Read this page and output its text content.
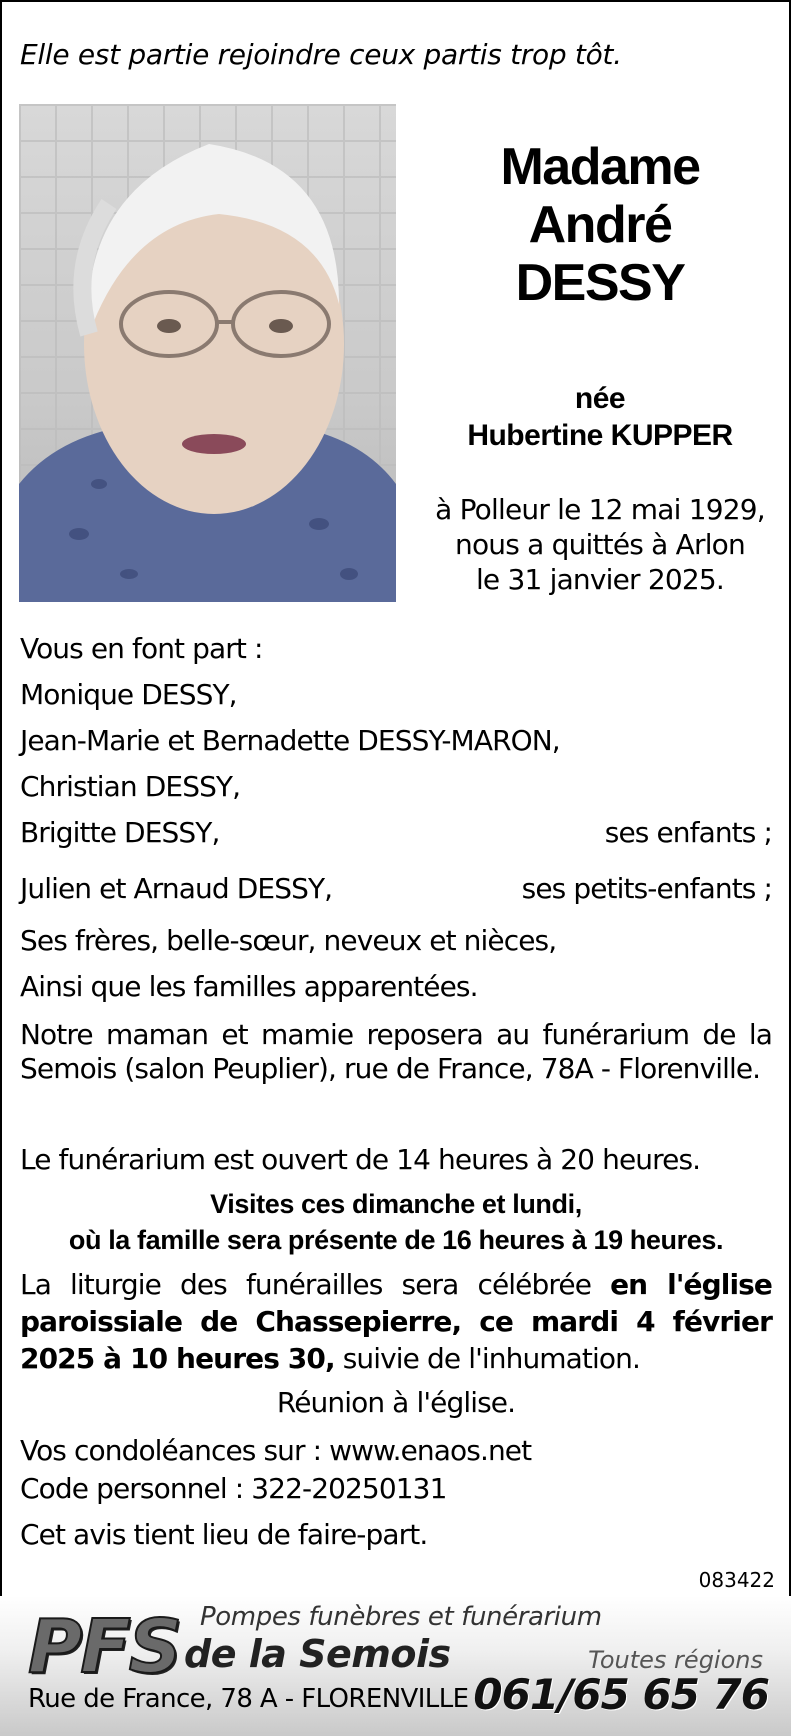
Elle est partie rejoindre ceux partis trop tôt.
Madame
André
DESSY
née
Hubertine KUPPER
à Polleur le 12 mai 1929,
nous a quittés à Arlon
le 31 janvier 2025.
Vous en font part :
Monique DESSY,
Jean-Marie et Bernadette DESSY-MARON,
Christian DESSY,
Brigitte DESSY,	ses enfants ;
Julien et Arnaud DESSY,	ses petits-enfants ;
Ses frères, belle-sœur, neveux et nièces,
Ainsi que les familles apparentées.
Notre maman et mamie reposera au funérarium de la Semois (salon Peuplier), rue de France, 78A - Florenville.
Le funérarium est ouvert de 14 heures à 20 heures.
Visites ces dimanche et lundi,
où la famille sera présente de 16 heures à 19 heures.
La liturgie des funérailles sera célébrée en l'église paroissiale de Chassepierre, ce mardi 4 février 2025 à 10 heures 30, suivie de l'inhumation.
Réunion à l'église.
Vos condoléances sur : www.enaos.net
Code personnel : 322-20250131
Cet avis tient lieu de faire-part.
083422
PFS Pompes funèbres et funérarium
de la Semois	Toutes régions
Rue de France, 78 A - FLORENVILLE 061/65 65 76
